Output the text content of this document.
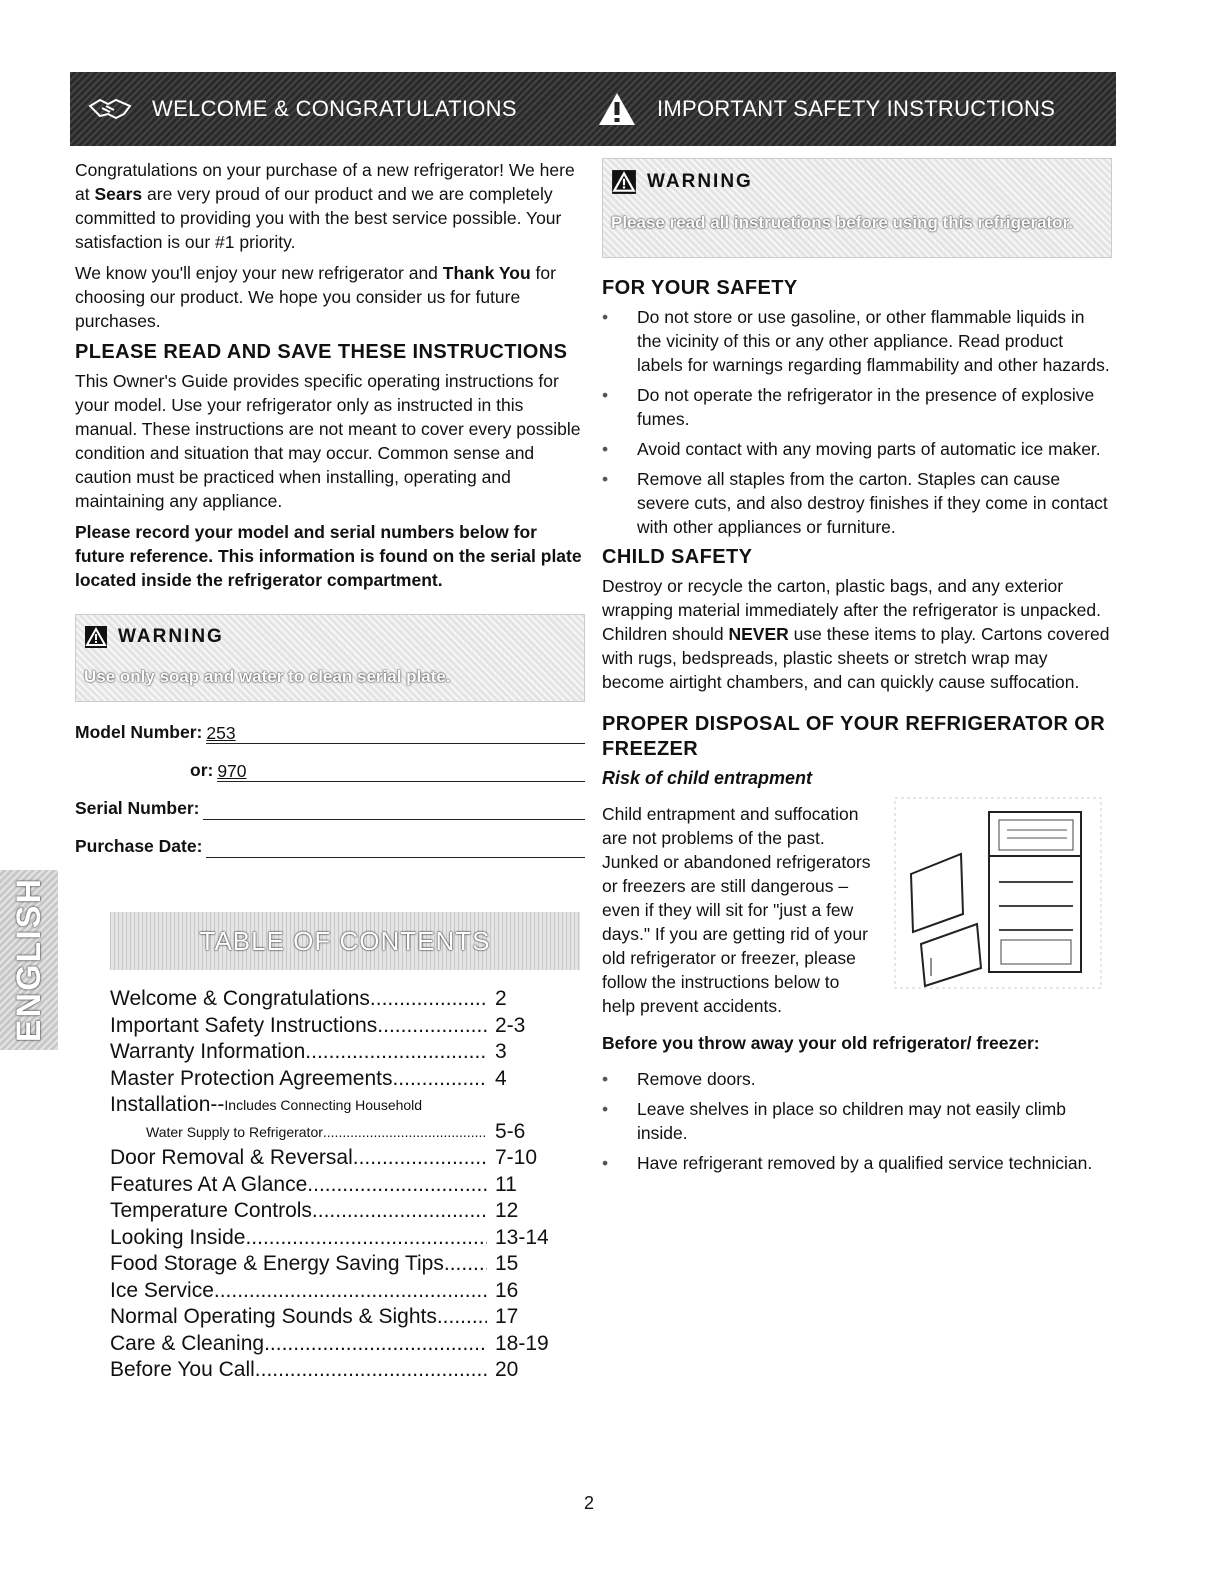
WELCOME & CONGRATULATIONS	IMPORTANT SAFETY INSTRUCTIONS

Congratulations on your purchase of a new refrigerator! We here at Sears are very proud of our product and we are completely committed to providing you with the best service possible. Your satisfaction is our #1 priority.

We know you'll enjoy your new refrigerator and Thank You for choosing our product. We hope you consider us for future purchases.

PLEASE READ AND SAVE THESE INSTRUCTIONS

This Owner's Guide provides specific operating instructions for your model. Use your refrigerator only as instructed in this manual. These instructions are not meant to cover every possible condition and situation that may occur. Common sense and caution must be practiced when installing, operating and maintaining any appliance.

Please record your model and serial numbers below for future reference. This information is found on the serial plate located inside the refrigerator compartment.

WARNING
Use only soap and water to clean serial plate.
Model Number: 253
or: 970
Serial Number:
Purchase Date:
ENGLISH	TABLE OF CONTENTS
Welcome & Congratulations .....	2
Important Safety Instructions .....	2-3
Warranty Information .....	3
Master Protection Agreements .....	4
Installation-- Includes Connecting Household
Water Supply to Refrigerator .....	5-6
Door Removal & Reversal .....	7-10
Features At A Glance .....	11
Temperature Controls .....	12
Looking Inside .....	13-14
Food Storage & Energy Saving Tips .....	15
Ice Service .....	16
Normal Operating Sounds & Sights .....	17
Care & Cleaning .....	18-19
Before You Call .....	20
WARNING
Please read all instructions before using this refrigerator.
FOR YOUR SAFETY
• Do not store or use gasoline, or other flammable liquids in the vicinity of this or any other appliance. Read product labels for warnings regarding flammability and other hazards.
• Do not operate the refrigerator in the presence of explosive fumes.
• Avoid contact with any moving parts of automatic ice maker.
• Remove all staples from the carton. Staples can cause severe cuts, and also destroy finishes if they come in contact with other appliances or furniture.
CHILD SAFETY

Destroy or recycle the carton, plastic bags, and any exterior wrapping material immediately after the refrigerator is unpacked. Children should NEVER use these items to play. Cartons covered with rugs, bedspreads, plastic sheets or stretch wrap may become airtight chambers, and can quickly cause suffocation.

PROPER DISPOSAL OF YOUR REFRIGERATOR OR FREEZER
Risk of child entrapment

Child entrapment and suffocation are not problems of the past. Junked or abandoned refrigerators or freezers are still dangerous – even if they will sit for "just a few days." If you are getting rid of your old refrigerator or freezer, please follow the instructions below to help prevent accidents.

Before you throw away your old refrigerator/ freezer:
• Remove doors.
• Leave shelves in place so children may not easily climb inside.
• Have refrigerant removed by a qualified service technician.
2
